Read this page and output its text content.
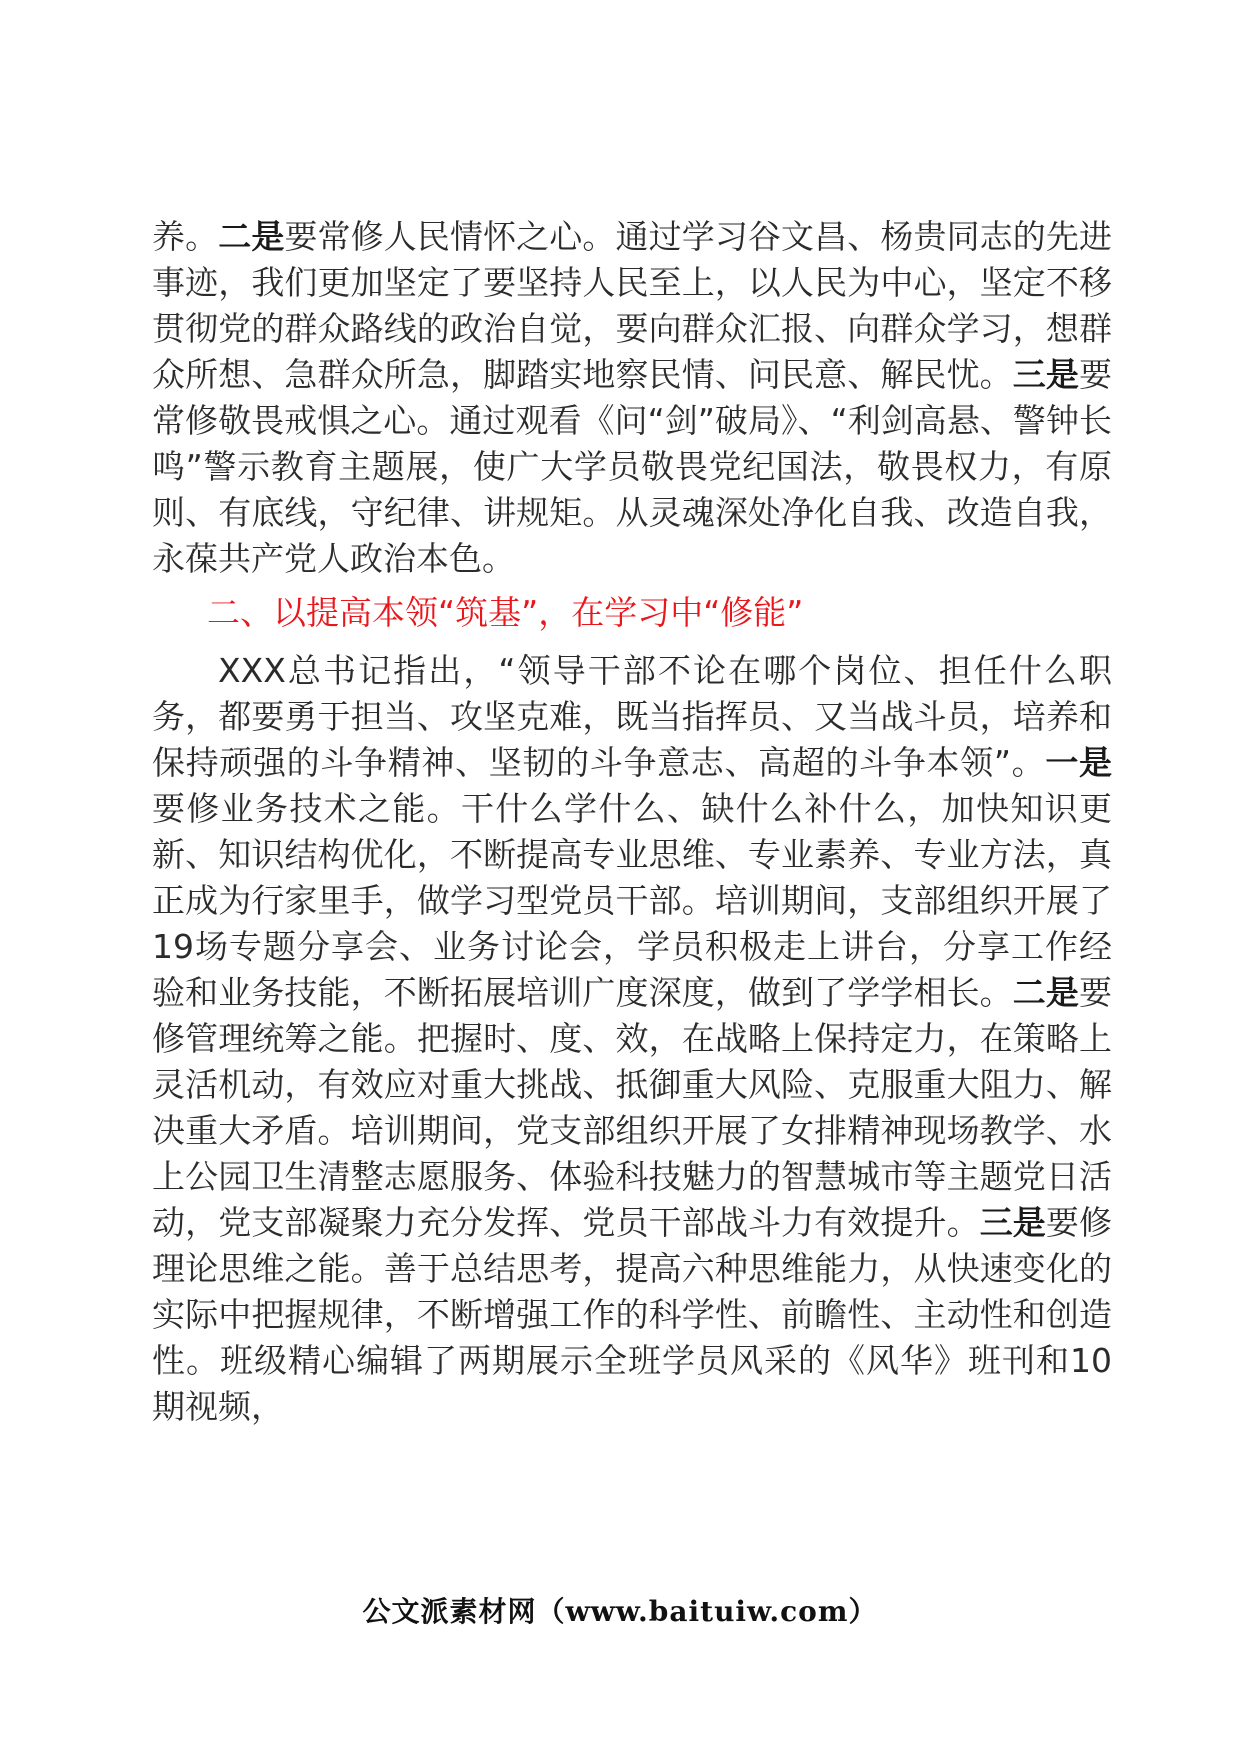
养。二是要常修人民情怀之心。通过学习谷文昌、杨贵同志的先进事迹，我们更加坚定了要坚持人民至上，以人民为中心，坚定不移贯彻党的群众路线的政治自觉，要向群众汇报、向群众学习，想群众所想、急群众所急，脚踏实地察民情、问民意、解民忧。三是要常修敬畏戒惧之心。通过观看《问“剑”破局》、“利剑高悬、警钟长鸣”警示教育主题展，使广大学员敬畏党纪国法，敬畏权力，有原则、有底线，守纪律、讲规矩。从灵魂深处净化自我、改造自我，永葆共产党人政治本色。

二、以提高本领“筑基”，在学习中“修能”

XXX总书记指出，“领导干部不论在哪个岗位、担任什么职务，都要勇于担当、攻坚克难，既当指挥员、又当战斗员，培养和保持顽强的斗争精神、坚韧的斗争意志、高超的斗争本领”。一是要修业务技术之能。干什么学什么、缺什么补什么，加快知识更新、知识结构优化，不断提高专业思维、专业素养、专业方法，真正成为行家里手，做学习型党员干部。培训期间，支部组织开展了19场专题分享会、业务讨论会，学员积极走上讲台，分享工作经验和业务技能，不断拓展培训广度深度，做到了学学相长。二是要修管理统筹之能。把握时、度、效，在战略上保持定力，在策略上灵活机动，有效应对重大挑战、抵御重大风险、克服重大阻力、解决重大矛盾。培训期间，党支部组织开展了女排精神现场教学、水上公园卫生清整志愿服务、体验科技魅力的智慧城市等主题党日活动，党支部凝聚力充分发挥、党员干部战斗力有效提升。三是要修理论思维之能。善于总结思考，提高六种思维能力，从快速变化的实际中把握规律，不断增强工作的科学性、前瞻性、主动性和创造性。班级精心编辑了两期展示全班学员风采的《风华》班刊和10期视频，

公文派素材网（www.baituiw.com）
